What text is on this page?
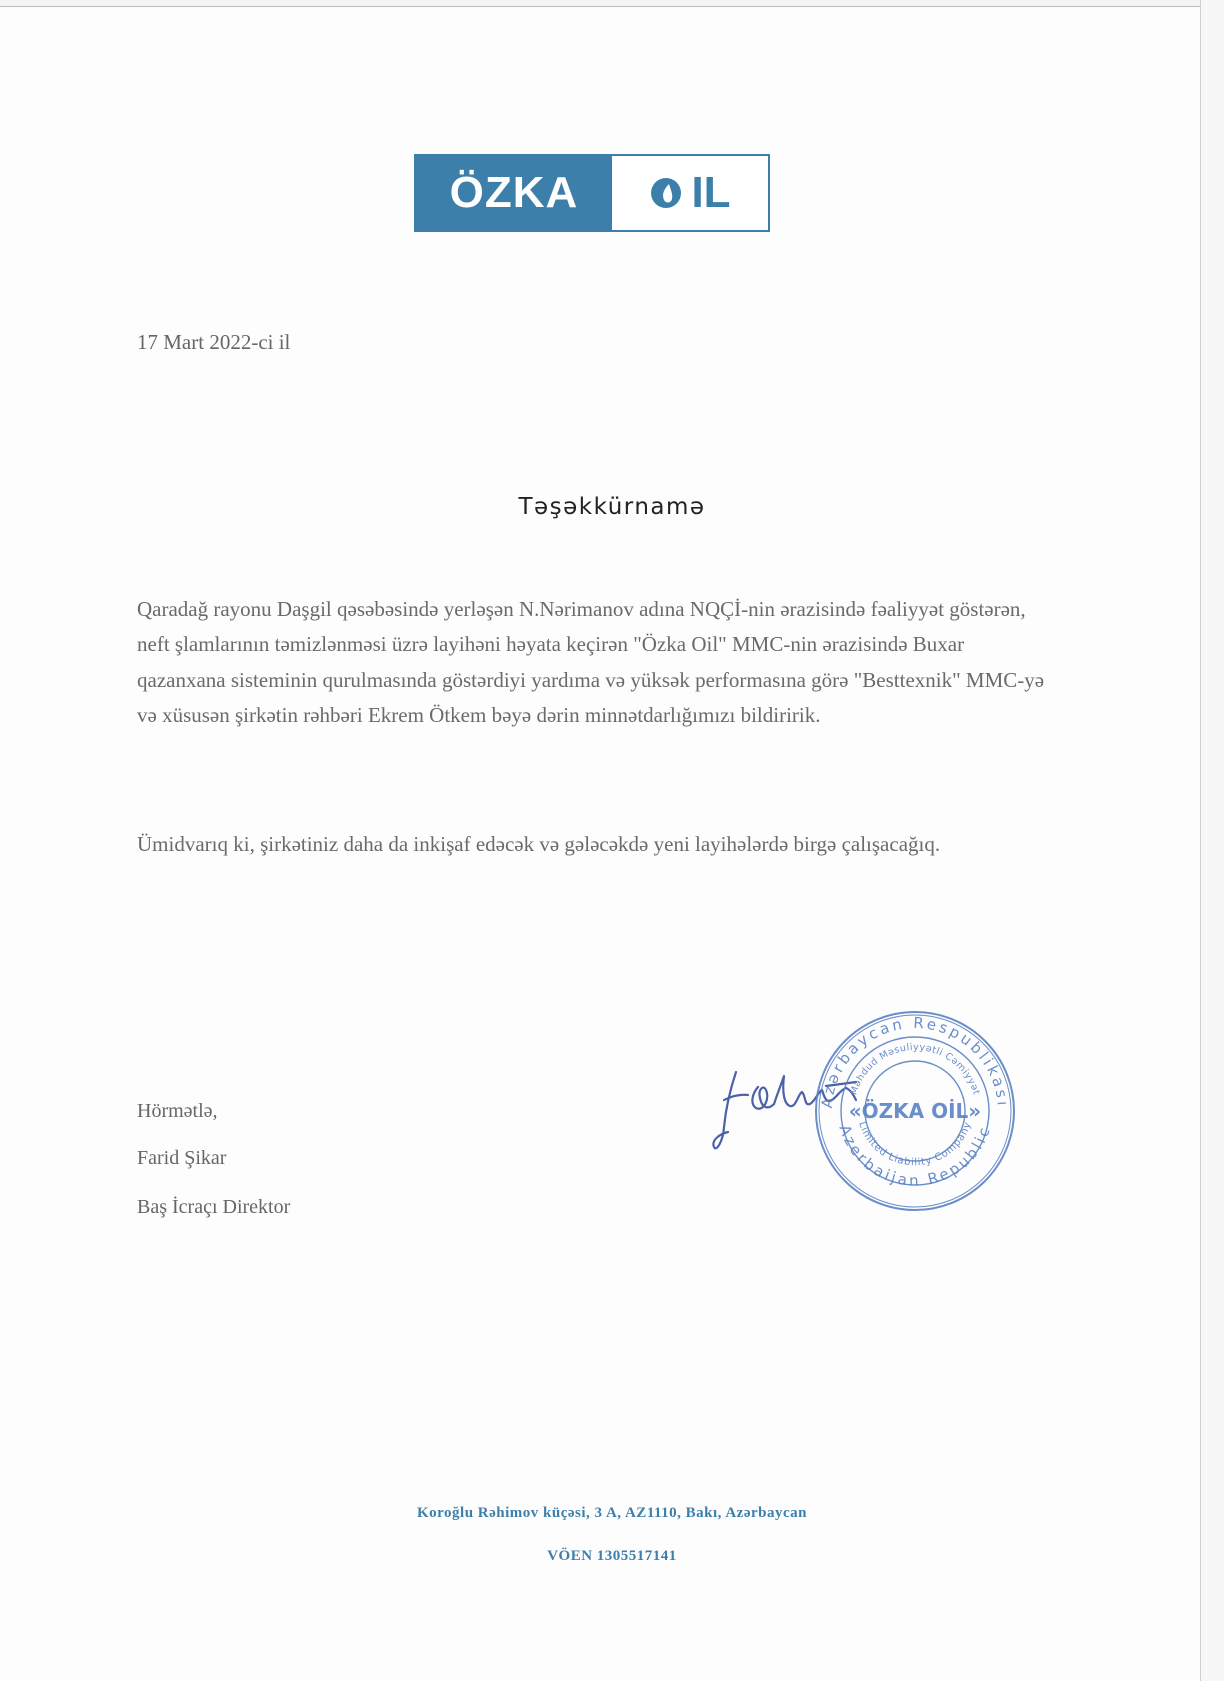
ÖZKA	IL
17 Mart 2022-ci il
Təşəkkürnamə

Qaradağ rayonu Daşgil qəsəbəsində yerləşən N.Nərimanov adına NQÇİ-nin ərazisində fəaliyyət göstərən, neft şlamlarının təmizlənməsi üzrə layihəni həyata keçirən "Özka Oil" MMC-nin ərazisində Buxar qazanxana sisteminin qurulmasında göstərdiyi yardıma və yüksək performasına görə "Besttexnik" MMC-yə və xüsusən şirkətin rəhbəri Ekrem Ötkem bəyə dərin minnətdarlığımızı bildiririk.

Ümidvarıq ki, şirkətiniz daha da inkişaf edəcək və gələcəkdə yeni layihələrdə birgə çalışacağıq.

Hörmətlə,
Farid Şikar
Baş İcraçı Direktor
Azərbaycan Respublikası
Azerbaijan Republic
Məhdud Məsuliyyətli Cəmiyyət
Limited Liability Company
«ÖZKA OİL»
Koroğlu Rəhimov küçəsi, 3 A, AZ1110, Bakı, Azərbaycan
VÖEN 1305517141
